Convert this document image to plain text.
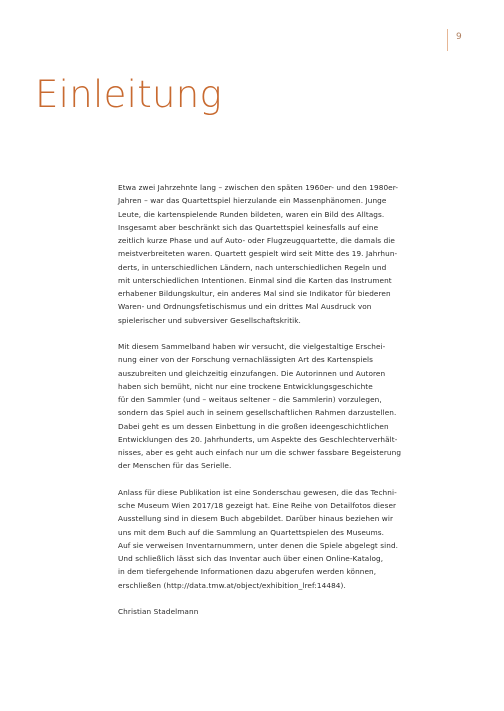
9
Einleitung

Etwa zwei Jahrzehnte lang – zwischen den späten 1960er- und den 1980er-
Jahren – war das Quartettspiel hierzulande ein Massenphänomen. Junge
Leute, die kartenspielende Runden bildeten, waren ein Bild des Alltags.
Insgesamt aber beschränkt sich das Quartettspiel keinesfalls auf eine
zeitlich kurze Phase und auf Auto- oder Flugzeugquartette, die damals die
meistverbreiteten waren. Quartett gespielt wird seit Mitte des 19. Jahrhun-
derts, in unterschiedlichen Ländern, nach unterschiedlichen Regeln und
mit unterschiedlichen Intentionen. Einmal sind die Karten das Instrument
erhabener Bildungskultur, ein anderes Mal sind sie Indikator für biederen
Waren- und Ordnungsfetischismus und ein drittes Mal Ausdruck von
spielerischer und subversiver Gesellschaftskritik.

Mit diesem Sammelband haben wir versucht, die vielgestaltige Erschei-
nung einer von der Forschung vernachlässigten Art des Kartenspiels
auszubreiten und gleichzeitig einzufangen. Die Autorinnen und Autoren
haben sich bemüht, nicht nur eine trockene Entwicklungsgeschichte
für den Sammler (und – weitaus seltener – die Sammlerin) vorzulegen,
sondern das Spiel auch in seinem gesellschaftlichen Rahmen darzustellen.
Dabei geht es um dessen Einbettung in die großen ideengeschichtlichen
Entwicklungen des 20. Jahrhunderts, um Aspekte des Geschlechterverhält-
nisses, aber es geht auch einfach nur um die schwer fassbare Begeisterung
der Menschen für das Serielle.

Anlass für diese Publikation ist eine Sonderschau gewesen, die das Techni-
sche Museum Wien 2017/18 gezeigt hat. Eine Reihe von Detailfotos dieser
Ausstellung sind in diesem Buch abgebildet. Darüber hinaus beziehen wir
uns mit dem Buch auf die Sammlung an Quartettspielen des Museums.
Auf sie verweisen Inventarnummern, unter denen die Spiele abgelegt sind.
Und schließlich lässt sich das Inventar auch über einen Online-Katalog,
in dem tiefergehende Informationen dazu abgerufen werden können,
erschließen (http://data.tmw.at/object/exhibition_lref:14484).

Christian Stadelmann
